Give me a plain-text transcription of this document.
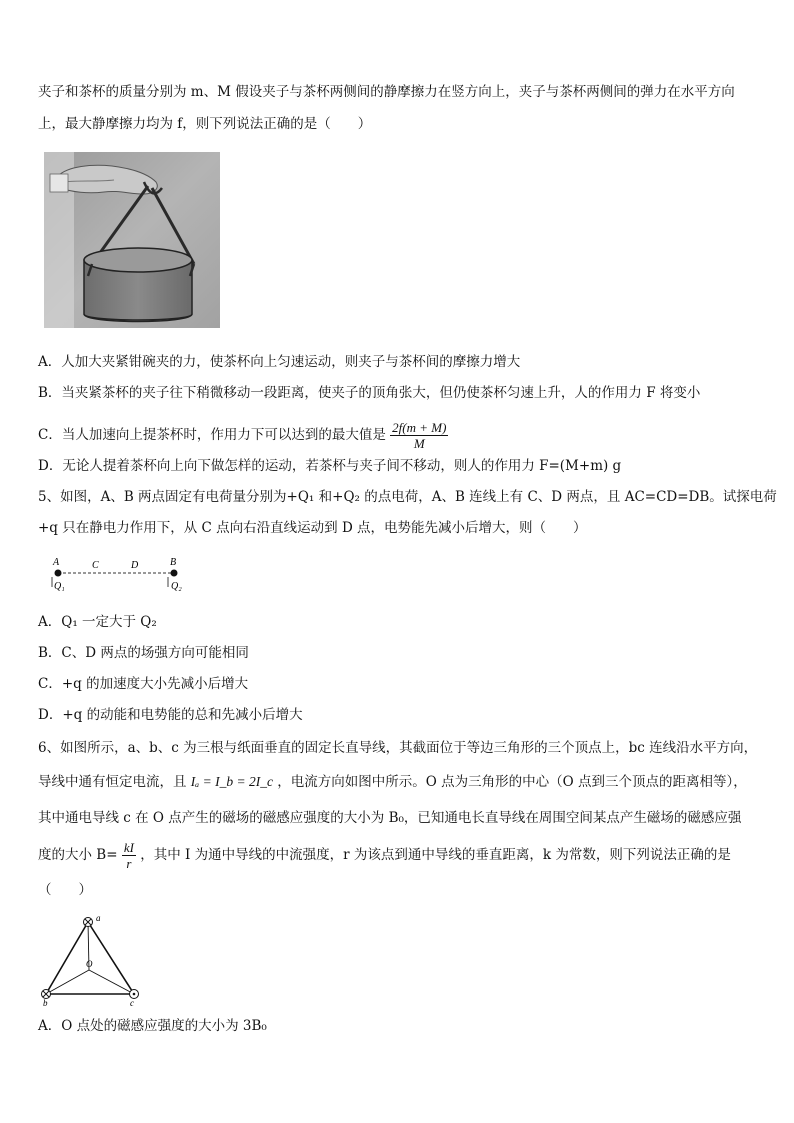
夹子和茶杯的质量分别为 m、M 假设夹子与茶杯两侧间的静摩擦力在竖方向上，夹子与茶杯两侧间的弹力在水平方向
上，最大静摩擦力均为 f，则下列说法正确的是（　　）
A．人加大夹紧钳碗夹的力，使茶杯向上匀速运动，则夹子与茶杯间的摩擦力增大
B．当夹紧茶杯的夹子往下稍微移动一段距离，使夹子的顶角张大，但仍使茶杯匀速上升，人的作用力 F 将变小
C．当人加速向上提茶杯时，作用力下可以达到的最大值是 $\frac{2f(m + M)}{M}$
D．无论人提着茶杯向上向下做怎样的运动，若茶杯与夹子间不移动，则人的作用力 F=(M+m) g
5、如图，A、B 两点固定有电荷量分别为+Q₁ 和+Q₂ 的点电荷，A、B 连线上有 C、D 两点，且 AC=CD=DB。试探电荷
+q 只在静电力作用下，从 C 点向右沿直线运动到 D 点，电势能先减小后增大，则（　　）
A	C	D	B
Q₁	Q₂
A．Q₁ 一定大于 Q₂
B．C、D 两点的场强方向可能相同
C．+q 的加速度大小先减小后增大
D．+q 的动能和电势能的总和先减小后增大
6、如图所示，a、b、c 为三根与纸面垂直的固定长直导线，其截面位于等边三角形的三个顶点上，bc 连线沿水平方向，
导线中通有恒定电流，且 Iₐ = I_b = 2I_c ，电流方向如图中所示。O 点为三角形的中心（O 点到三个顶点的距离相等），
其中通电导线 c 在 O 点产生的磁场的磁感应强度的大小为 B₀，已知通电长直导线在周围空间某点产生磁场的磁感应强
度的大小 $B= \frac{kI}{r}$ ，其中 I 为通中导线的中流强度，r 为该点到通中导线的垂直距离，k 为常数，则下列说法正确的是
（　　）
a
b	c
O
A．O 点处的磁感应强度的大小为 3B₀
